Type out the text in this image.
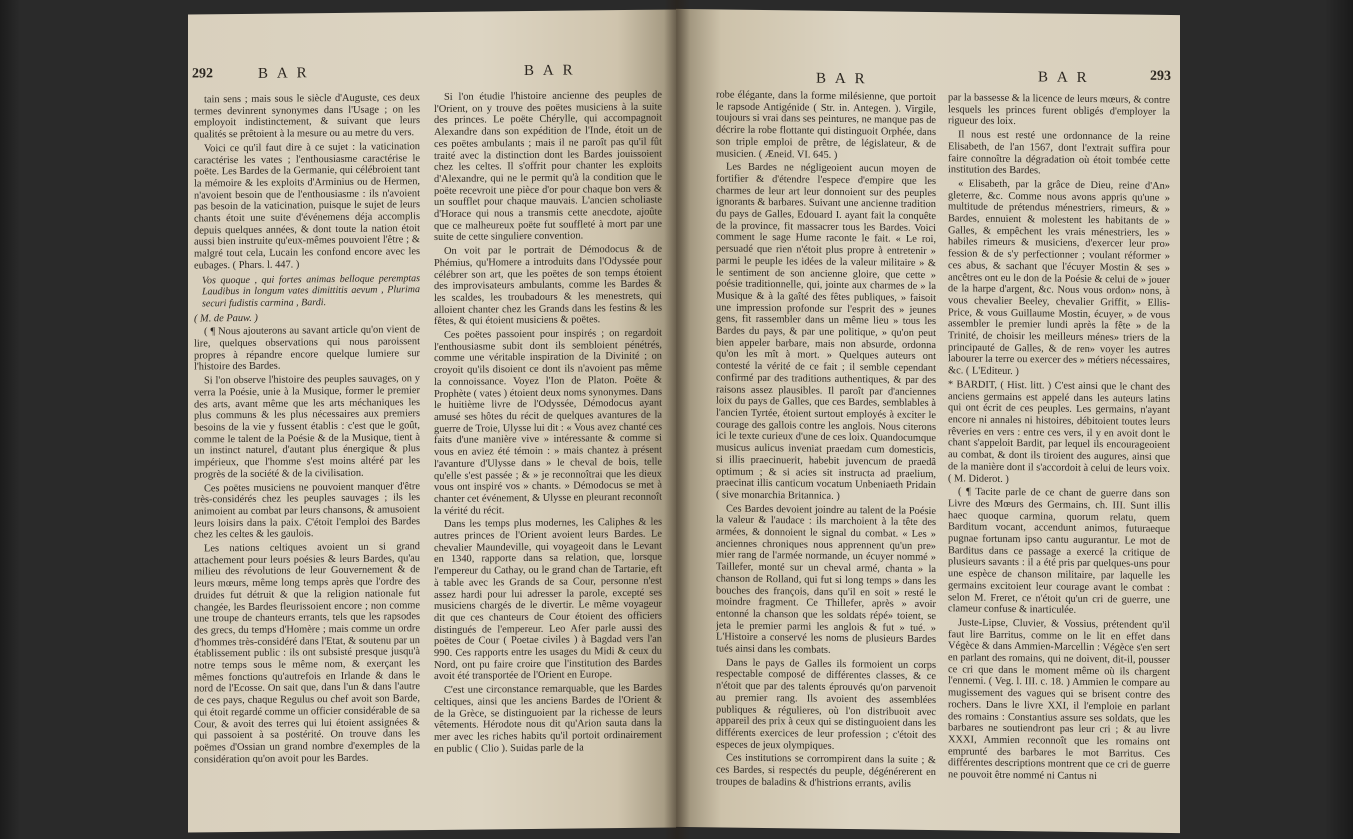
292	B A R	B A R

tain sens ; mais sous le siècle d'Auguste, ces deux termes devinrent synonymes dans l'Usage ; on les employoit indistinctement, & suivant que leurs qualités se prêtoient à la mesure ou au metre du vers.

Voici ce qu'il faut dire à ce sujet : la vaticination caractérise les vates ; l'enthousiasme caractérise le poëte. Les Bardes de la Germanie, qui célébroient tant la mémoire & les exploits d'Arminius ou de Hermen, n'avoient besoin que de l'enthousiasme : ils n'avoient pas besoin de la vaticination, puisque le sujet de leurs chants étoit une suite d'événemens déja accomplis depuis quelques années, & dont toute la nation étoit aussi bien instruite qu'eux-mêmes pouvoient l'être ; & malgré tout cela, Lucain les confond encore avec les eubages. ( Phars. l. 447. )

Vos quoque , qui fortes animas belloque peremptas Laudibus in longum vates dimittitis aevum , Plurima securi fudistis carmina , Bardi.

( M. de Pauw. )

( ¶ Nous ajouterons au savant article qu'on vient de lire, quelques observations qui nous paroissent propres à répandre encore quelque lumiere sur l'histoire des Bardes.

Si l'on observe l'histoire des peuples sauvages, on y verra la Poésie, unie à la Musique, former le premier des arts, avant même que les arts méchaniques les plus communs & les plus nécessaires aux premiers besoins de la vie y fussent établis : c'est que le goût, comme le talent de la Poésie & de la Musique, tient à un instinct naturel, d'autant plus énergique & plus impérieux, que l'homme s'est moins altéré par les progrès de la société & de la civilisation.

Ces poëtes musiciens ne pouvoient manquer d'être très-considérés chez les peuples sauvages ; ils les animoient au combat par leurs chansons, & amusoient leurs loisirs dans la paix. C'étoit l'emploi des Bardes chez les celtes & les gaulois.

Les nations celtiques avoient un si grand attachement pour leurs poésies & leurs Bardes, qu'au milieu des révolutions de leur Gouvernement & de leurs mœurs, même long temps après que l'ordre des druides fut détruit & que la religion nationale fut changée, les Bardes fleurissoient encore ; non comme une troupe de chanteurs errants, tels que les rapsodes des grecs, du temps d'Homère ; mais comme un ordre d'hommes très-considéré dans l'Etat, & soutenu par un établissement public : ils ont subsisté presque jusqu'à notre temps sous le même nom, & exerçant les mêmes fonctions qu'autrefois en Irlande & dans le nord de l'Ecosse. On sait que, dans l'un & dans l'autre de ces pays, chaque Regulus ou chef avoit son Barde, qui étoit regardé comme un officier considérable de sa Cour, & avoit des terres qui lui étoient assignées & qui passoient à sa postérité. On trouve dans les poëmes d'Ossian un grand nombre d'exemples de la considération qu'on avoit pour les Bardes.

Si l'on étudie l'histoire ancienne des peuples de l'Orient, on y trouve des poëtes musiciens à la suite des princes. Le poëte Chérylle, qui accompagnoit Alexandre dans son expédition de l'Inde, étoit un de ces poëtes ambulants ; mais il ne paroît pas qu'il fût traité avec la distinction dont les Bardes jouissoient chez les celtes. Il s'offrit pour chanter les exploits d'Alexandre, qui ne le permit qu'à la condition que le poëte recevroit une pièce d'or pour chaque bon vers & un soufflet pour chaque mauvais. L'ancien scholiaste d'Horace qui nous a transmis cette anecdote, ajoûte que ce malheureux poëte fut souffleté à mort par une suite de cette singuliere convention.

On voit par le portrait de Démodocus & de Phémius, qu'Homere a introduits dans l'Odyssée pour célébrer son art, que les poëtes de son temps étoient des improvisateurs ambulants, comme les Bardes & les scaldes, les troubadours & les menestrets, qui alloient chanter chez les Grands dans les festins & les fêtes, & qui étoient musiciens & poëtes.

Ces poëtes passoient pour inspirés ; on regardoit l'enthousiasme subit dont ils sembloient pénétrés, comme une véritable inspiration de la Divinité ; on croyoit qu'ils disoient ce dont ils n'avoient pas même la connoissance. Voyez l'Ion de Platon. Poëte & Prophète ( vates ) étoient deux noms synonymes. Dans le huitième livre de l'Odyssée, Démodocus ayant amusé ses hôtes du récit de quelques avantures de la guerre de Troie, Ulysse lui dit : « Vous avez chanté ces faits d'une manière vive » intéressante & comme si vous en aviez été témoin : » mais chantez à présent l'avanture d'Ulysse dans » le cheval de bois, telle qu'elle s'est passée ; & » je reconnoîtrai que les dieux vous ont inspiré vos » chants. » Démodocus se met à chanter cet événement, & Ulysse en pleurant reconnoît la vérité du récit.

Dans les temps plus modernes, les Caliphes & les autres princes de l'Orient avoient leurs Bardes. Le chevalier Maundeville, qui voyageoit dans le Levant en 1340, rapporte dans sa relation, que, lorsque l'empereur du Cathay, ou le grand chan de Tartarie, eft à table avec les Grands de sa Cour, personne n'est assez hardi pour lui adresser la parole, excepté ses musiciens chargés de le divertir. Le même voyageur dit que ces chanteurs de Cour étoient des officiers distingués de l'empereur. Leo Afer parle aussi des poëtes de Cour ( Poetae civiles ) à Bagdad vers l'an 990. Ces rapports entre les usages du Midi & ceux du Nord, ont pu faire croire que l'institution des Bardes avoit été transportée de l'Orient en Europe.

C'est une circonstance remarquable, que les Bardes celtiques, ainsi que les anciens Bardes de l'Orient & de la Grèce, se distinguoient par la richesse de leurs vêtements. Hérodote nous dit qu'Arion sauta dans la mer avec les riches habits qu'il portoit ordinairement en public ( Clio ). Suidas parle de la

B A R	B A R	293

robe élégante, dans la forme milésienne, que portoit le rapsode Antigénide ( Str. in. Antegen. ). Virgile, toujours si vrai dans ses peintures, ne manque pas de décrire la robe flottante qui distinguoit Orphée, dans son triple emploi de prêtre, de législateur, & de musicien. ( Æneid. VI. 645. )

Les Bardes ne négligeoient aucun moyen de fortifier & d'étendre l'espece d'empire que les charmes de leur art leur donnoient sur des peuples ignorants & barbares. Suivant une ancienne tradition du pays de Galles, Edouard I. ayant fait la conquête de la province, fit massacrer tous les Bardes. Voici comment le sage Hume raconte le fait. « Le roi, persuadé que rien n'étoit plus propre à entretenir » parmi le peuple les idées de la valeur militaire » & le sentiment de son ancienne gloire, que cette » poésie traditionnelle, qui, jointe aux charmes de » la Musique & à la gaîté des fêtes publiques, » faisoit une impression profonde sur l'esprit des » jeunes gens, fit rassembler dans un même lieu » tous les Bardes du pays, & par une politique, » qu'on peut bien appeler barbare, mais non absurde, ordonna qu'on les mît à mort. » Quelques auteurs ont contesté la vérité de ce fait ; il semble cependant confirmé par des traditions authentiques, & par des raisons assez plausibles. Il paroît par d'anciennes loix du pays de Galles, que ces Bardes, semblables à l'ancien Tyrtée, étoient surtout employés à exciter le courage des gallois contre les anglois. Nous citerons ici le texte curieux d'une de ces loix. Quandocumque musicus aulicus inveniat praedam cum domesticis, si illis praecinuerit, habebit juvencum de praedâ optimum ; & si acies sit instructa ad praelium, praecinat illis canticum vocatum Unbeniaeth Pridain ( sive monarchia Britannica. )

Ces Bardes devoient joindre au talent de la Poésie la valeur & l'audace : ils marchoient à la tête des armées, & donnoient le signal du combat. « Les » anciennes chroniques nous apprennent qu'un pre» mier rang de l'armée normande, un écuyer nommé » Taillefer, monté sur un cheval armé, chanta » la chanson de Rolland, qui fut si long temps » dans les bouches des françois, dans qu'il en soit » resté le moindre fragment. Ce Thillefer, après » avoir entonné la chanson que les soldats répé» toient, se jeta le premier parmi les anglois & fut » tué. » L'Histoire a conservé les noms de plusieurs Bardes tués ainsi dans les combats.

Dans le pays de Galles ils formoient un corps respectable composé de différentes classes, & ce n'étoit que par des talents éprouvés qu'on parvenoit au premier rang. Ils avoient des assemblées publiques & régulieres, où l'on distribuoit avec appareil des prix à ceux qui se distinguoient dans les différents exercices de leur profession ; c'étoit des especes de jeux olympiques.

Ces institutions se corrompirent dans la suite ; & ces Bardes, si respectés du peuple, dégénérerent en troupes de baladins & d'histrions errants, avilis

par la bassesse & la licence de leurs mœurs, & contre lesquels les princes furent obligés d'employer la rigueur des loix.

Il nous est resté une ordonnance de la reine Elisabeth, de l'an 1567, dont l'extrait suffira pour faire connoître la dégradation où étoit tombée cette institution des Bardes.

« Elisabeth, par la grâce de Dieu, reine d'An» gleterre, &c. Comme nous avons appris qu'une » multitude de prétendus ménestriers, rimeurs, & » Bardes, ennuient & molestent les habitants de » Galles, & empêchent les vrais ménestriers, les » habiles rimeurs & musiciens, d'exercer leur pro» fession & de s'y perfectionner ; voulant réformer » ces abus, & sachant que l'écuyer Mostin & ses » ancêtres ont eu le don de la Poésie & celui de » jouer de la harpe d'argent, &c. Nous vous ordon» nons, à vous chevalier Beeley, chevalier Griffit, » Ellis-Price, & vous Guillaume Mostin, écuyer, » de vous assembler le premier lundi après la fête » de la Trinité, de choisir les meilleurs ménes» triers de la principauté de Galles, & de ren» voyer les autres labourer la terre ou exercer des » métiers nécessaires, &c. ( L'Editeur. )

* BARDIT, ( Hist. litt. ) C'est ainsi que le chant des anciens germains est appelé dans les auteurs latins qui ont écrit de ces peuples. Les germains, n'ayant encore ni annales ni histoires, débitoient toutes leurs rêveries en vers : entre ces vers, il y en avoit dont le chant s'appeloit Bardit, par lequel ils encourageoient au combat, & dont ils tiroient des augures, ainsi que de la manière dont il s'accordoit à celui de leurs voix. ( M. Diderot. )

( ¶ Tacite parle de ce chant de guerre dans son Livre des Mœurs des Germains, ch. III. Sunt illis haec quoque carmina, quorum relatu, quem Barditum vocant, accendunt animos, futuraeque pugnae fortunam ipso cantu augurantur. Le mot de Barditus dans ce passage a exercé la critique de plusieurs savants : il a été pris par quelques-uns pour une espèce de chanson militaire, par laquelle les germains excitoient leur courage avant le combat : selon M. Freret, ce n'étoit qu'un cri de guerre, une clameur confuse & inarticulée.

Juste-Lipse, Cluvier, & Vossius, prétendent qu'il faut lire Barritus, comme on le lit en effet dans Végèce & dans Ammien-Marcellin : Végèce s'en sert en parlant des romains, qui ne doivent, dit-il, pousser ce cri que dans le moment même où ils chargent l'ennemi. ( Veg. l. III. c. 18. ) Ammien le compare au mugissement des vagues qui se brisent contre des rochers. Dans le livre XXI, il l'emploie en parlant des romains : Constantius assure ses soldats, que les barbares ne soutiendront pas leur cri ; & au livre XXXI, Ammien reconnoît que les romains ont emprunté des barbares le mot Barritus. Ces différentes descriptions montrent que ce cri de guerre ne pouvoit être nommé ni Cantus ni
